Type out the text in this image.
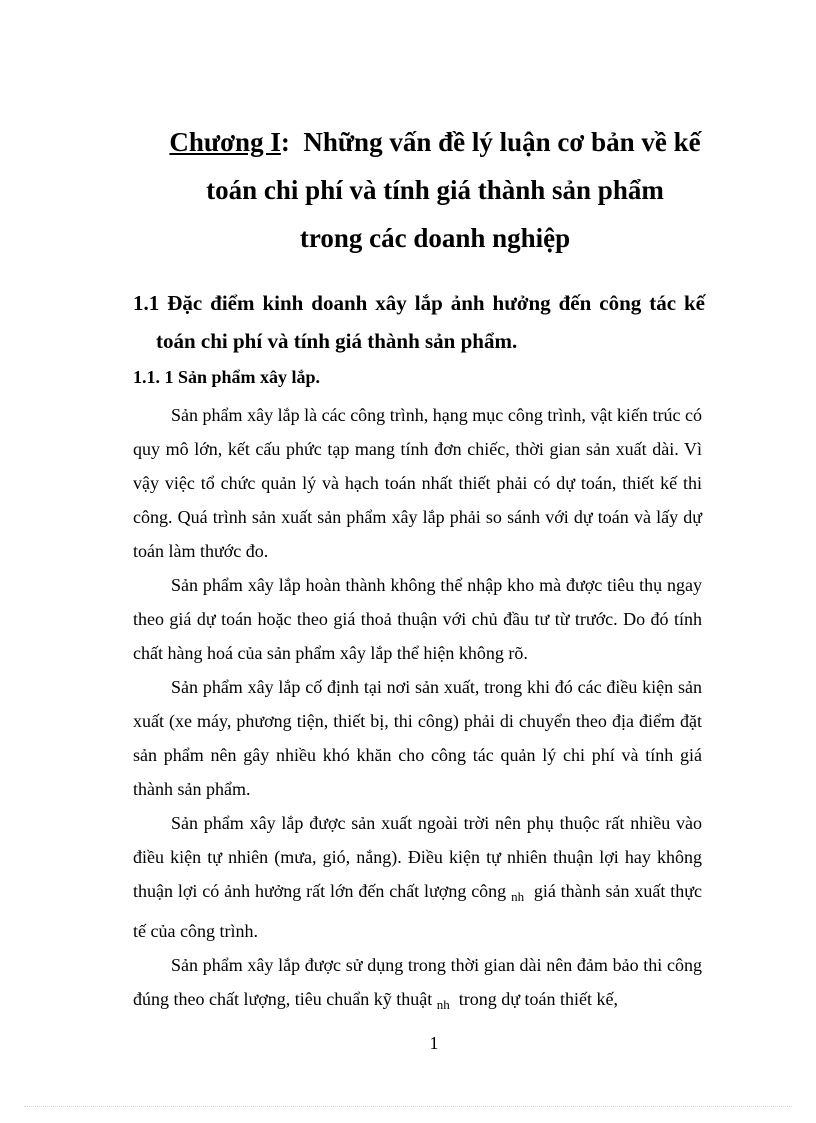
Chương I: Những vấn đề lý luận cơ bản về kế
toán chi phí và tính giá thành sản phẩm
trong các doanh nghiệp
1.1 Đặc điểm kinh doanh xây lắp ảnh hưởng đến công tác kế
toán chi phí và tính giá thành sản phẩm.
1.1. 1 Sản phẩm xây lắp.

Sản phẩm xây lắp là các công trình, hạng mục công trình, vật kiến trúc có quy mô lớn, kết cấu phức tạp mang tính đơn chiếc, thời gian sản xuất dài. Vì vậy việc tổ chức quản lý và hạch toán nhất thiết phải có dự toán, thiết kế thi công. Quá trình sản xuất sản phẩm xây lắp phải so sánh với dự toán và lấy dự toán làm thước đo.

Sản phẩm xây lắp hoàn thành không thể nhập kho mà được tiêu thụ ngay theo giá dự toán hoặc theo giá thoả thuận với chủ đầu tư từ trước. Do đó tính chất hàng hoá của sản phẩm xây lắp thể hiện không rõ.

Sản phẩm xây lắp cố định tại nơi sản xuất, trong khi đó các điều kiện sản xuất (xe máy, phương tiện, thiết bị, thi công) phải di chuyển theo địa điểm đặt sản phẩm nên gây nhiều khó khăn cho công tác quản lý chi phí và tính giá thành sản phẩm.

Sản phẩm xây lắp được sản xuất ngoài trời nên phụ thuộc rất nhiều vào điều kiện tự nhiên (mưa, gió, nắng). Điều kiện tự nhiên thuận lợi hay không thuận lợi có ảnh hưởng rất lớn đến chất lượng công $_{nh}$ giá thành sản xuất thực tế của công trình.

Sản phẩm xây lắp được sử dụng trong thời gian dài nên đảm bảo thi công đúng theo chất lượng, tiêu chuẩn kỹ thuật $_{nh}$ trong dự toán thiết kế,

1
